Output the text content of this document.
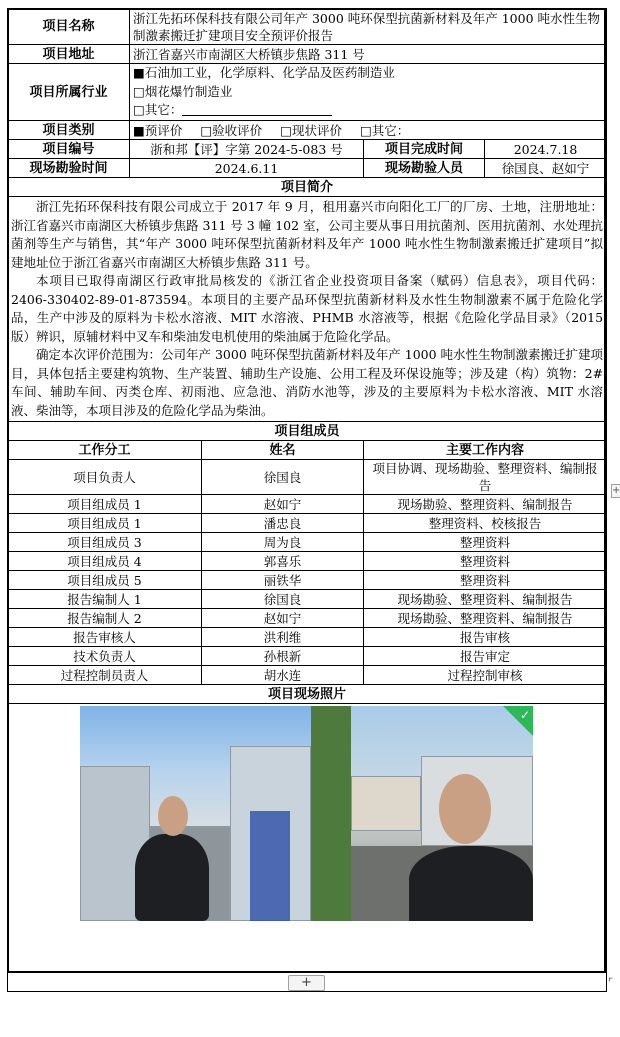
项目名称	浙江先拓环保科技有限公司年产 3000 吨环保型抗菌新材料及年产 1000 吨水性生物制激素搬迁扩建项目安全预评价报告			
项目地址	浙江省嘉兴市南湖区大桥镇步焦路 311 号			
项目所属行业	■石油加工业，化学原料、化学品及医药制造业
□烟花爆竹制造业
□其它：			

项目类别	■预评价 □验收评价 □现状评价 □其它：			
项目编号	浙和邦【评】字第 2024-5-083 号		项目完成时间	2024.7.18
现场勘验时间	2024.6.11		现场勘验人员	徐国良、赵如宁
项目简介				

浙江先拓环保科技有限公司成立于 2017 年 9 月，租用嘉兴市向阳化工厂的厂房、土地，注册地址：浙江省嘉兴市南湖区大桥镇步焦路 311 号 3 幢 102 室，公司主要从事日用抗菌剂、医用抗菌剂、水处理抗菌剂等生产与销售，其“年产 3000 吨环保型抗菌新材料及年产 1000 吨水性生物制激素搬迁扩建项目”拟建地址位于浙江省嘉兴市南湖区大桥镇步焦路 311 号。

本项目已取得南湖区行政审批局核发的《浙江省企业投资项目备案（赋码）信息表》，项目代码：2406-330402-89-01-873594。本项目的主要产品环保型抗菌新材料及水性生物制激素不属于危险化学品，生产中涉及的原料为卡松水溶液、MIT 水溶液、PHMB 水溶液等，根据《危险化学品目录》（2015 版）辨识，原辅材料中叉车和柴油发电机使用的柴油属于危险化学品。

确定本次评价范围为：公司年产 3000 吨环保型抗菌新材料及年产 1000 吨水性生物制激素搬迁扩建项目，具体包括主要建构筑物、生产装置、辅助生产设施、公用工程及环保设施等；涉及建（构）筑物：2#车间、辅助车间、丙类仓库、初雨池、应急池、消防水池等，涉及的主要原料为卡松水溶液、MIT 水溶液、柴油等，本项目涉及的危险化学品为柴油。				

项目组成员				
工作分工		姓名	主要工作内容	
项目负责人		徐国良	项目协调、现场勘验、整理资料、编制报告	
项目组成员 1		赵如宁	现场勘验、整理资料、编制报告	
项目组成员 1		潘忠良	整理资料、校核报告	
项目组成员 3		周为良	整理资料	
项目组成员 4		郭喜乐	整理资料	
项目组成员 5		丽铁华	整理资料	
报告编制人 1		徐国良	现场勘验、整理资料、编制报告	
报告编制人 2		赵如宁	现场勘验、整理资料、编制报告	
报告审核人		洪利维	报告审核	
技术负责人		孙根新	报告审定	
过程控制员责人		胡水连	过程控制审核	
项目现场照片				

✓				
+
+	⌜
